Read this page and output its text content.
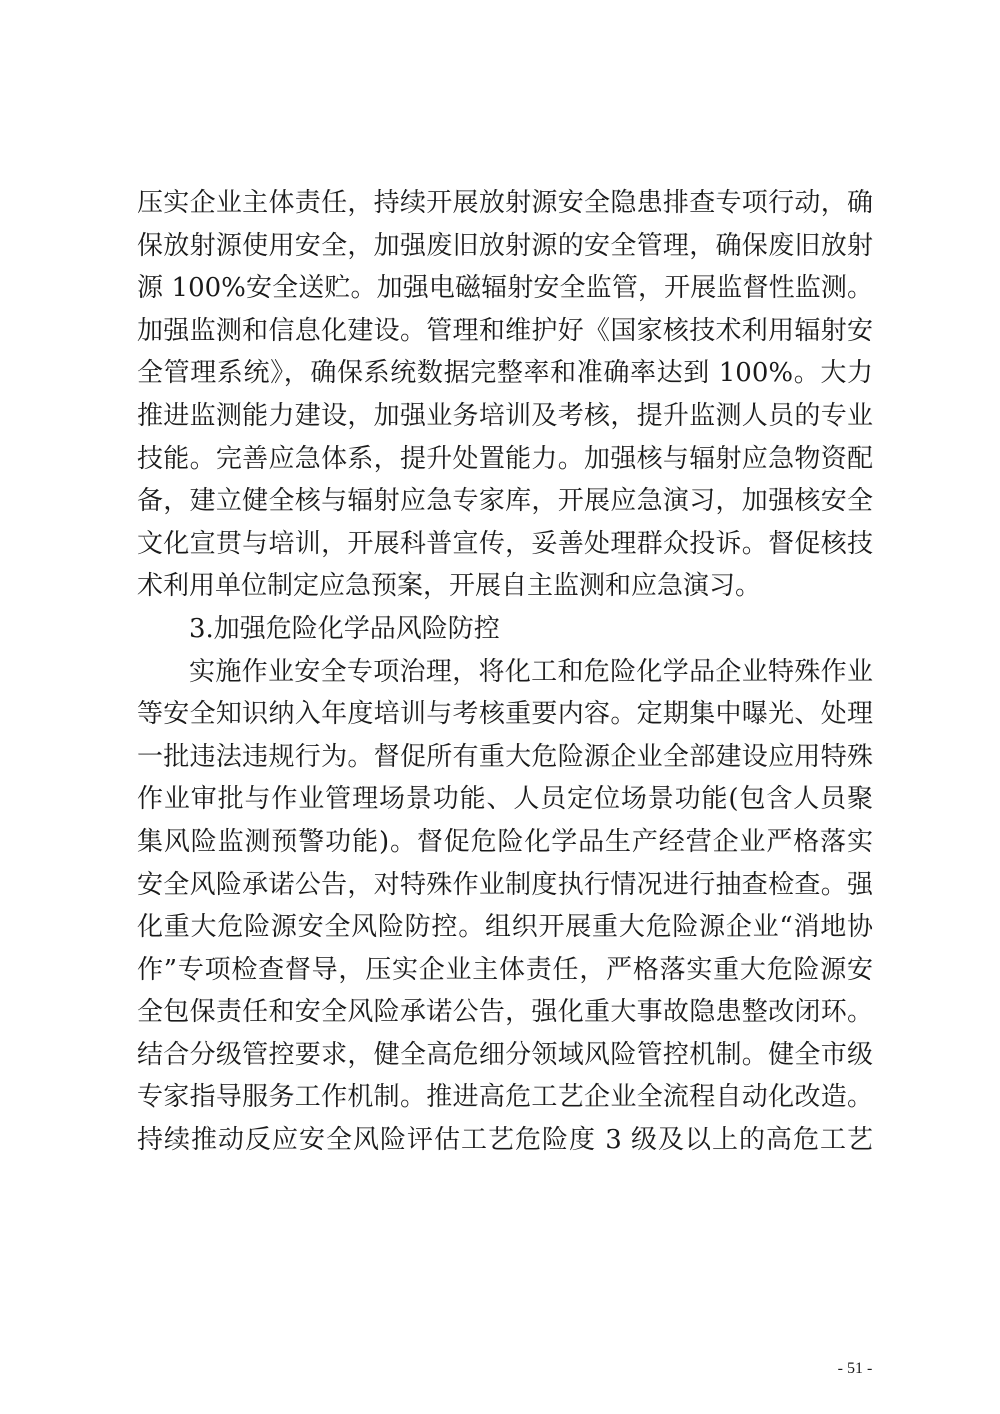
压实企业主体责任，持续开展放射源安全隐患排查专项行动，确
保放射源使用安全，加强废旧放射源的安全管理，确保废旧放射
源 100%安全送贮。加强电磁辐射安全监管，开展监督性监测。
加强监测和信息化建设。管理和维护好《国家核技术利用辐射安
全管理系统》，确保系统数据完整率和准确率达到 100%。大力
推进监测能力建设，加强业务培训及考核，提升监测人员的专业
技能。完善应急体系，提升处置能力。加强核与辐射应急物资配
备，建立健全核与辐射应急专家库，开展应急演习，加强核安全
文化宣贯与培训，开展科普宣传，妥善处理群众投诉。督促核技
术利用单位制定应急预案，开展自主监测和应急演习。
3.加强危险化学品风险防控
实施作业安全专项治理，将化工和危险化学品企业特殊作业
等安全知识纳入年度培训与考核重要内容。定期集中曝光、处理
一批违法违规行为。督促所有重大危险源企业全部建设应用特殊
作业审批与作业管理场景功能、人员定位场景功能(包含人员聚
集风险监测预警功能)。督促危险化学品生产经营企业严格落实
安全风险承诺公告，对特殊作业制度执行情况进行抽查检查。强
化重大危险源安全风险防控。组织开展重大危险源企业“消地协
作”专项检查督导，压实企业主体责任，严格落实重大危险源安
全包保责任和安全风险承诺公告，强化重大事故隐患整改闭环。
结合分级管控要求，健全高危细分领域风险管控机制。健全市级
专家指导服务工作机制。推进高危工艺企业全流程自动化改造。
持续推动反应安全风险评估工艺危险度 3 级及以上的高危工艺
- 51 -
